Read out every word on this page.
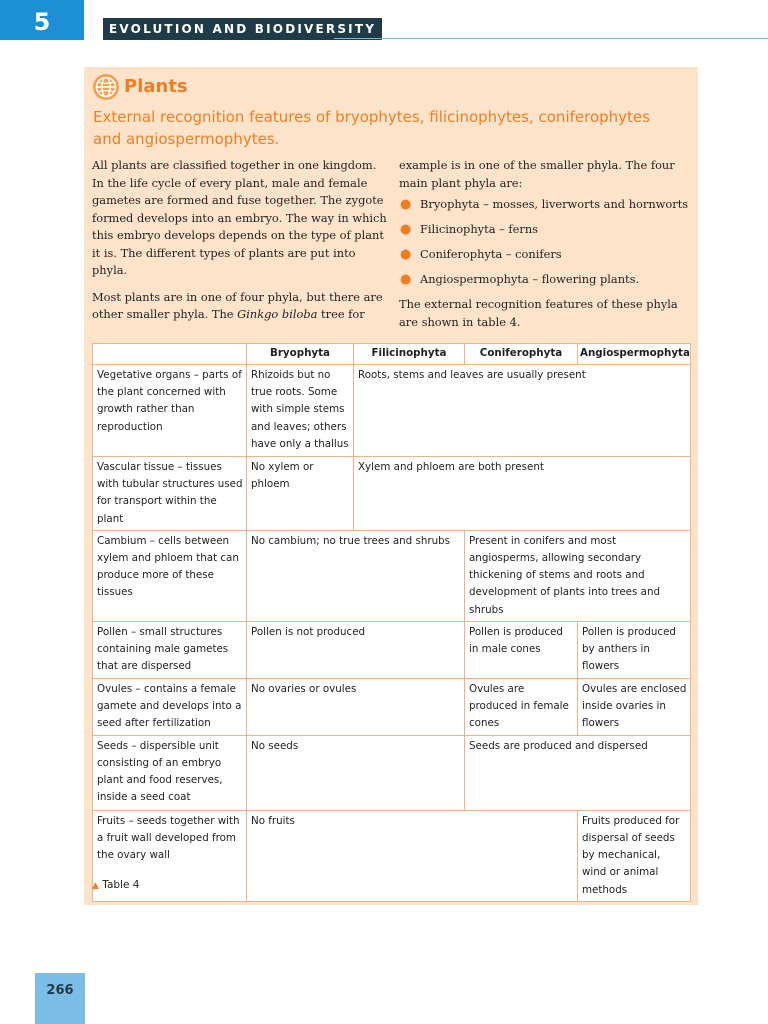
5	EVOLUTION AND BIODIVERSITY
Plants
External recognition features of bryophytes, filicinophytes, coniferophytes and angiospermophytes.

All plants are classified together in one kingdom. In the life cycle of every plant, male and female gametes are formed and fuse together. The zygote formed develops into an embryo. The way in which this embryo develops depends on the type of plant it is. The different types of plants are put into phyla.

Most plants are in one of four phyla, but there are other smaller phyla. The Ginkgo biloba tree for

example is in one of the smaller phyla. The four main plant phyla are:

● Bryophyta – mosses, liverworts and hornworts
● Filicinophyta – ferns
● Coniferophyta – conifers
● Angiospermophyta – flowering plants.

The external recognition features of these phyla are shown in table 4.

	Bryophyta	Filicinophyta	Coniferophyta	Angiospermophyta
Vegetative organs – parts of the plant concerned with growth rather than reproduction	Rhizoids but no true roots. Some with simple stems and leaves; others have only a thallus	Roots, stems and leaves are usually present		
Vascular tissue – tissues with tubular structures used for transport within the plant	No xylem or phloem	Xylem and phloem are both present		
Cambium – cells between xylem and phloem that can produce more of these tissues	No cambium; no true trees and shrubs		Present in conifers and most angiosperms, allowing secondary thickening of stems and roots and development of plants into trees and shrubs	
Pollen – small structures containing male gametes that are dispersed	Pollen is not produced		Pollen is produced in male cones	Pollen is produced by anthers in flowers
Ovules – contains a female gamete and develops into a seed after fertilization	No ovaries or ovules		Ovules are produced in female cones	Ovules are enclosed inside ovaries in flowers
Seeds – dispersible unit consisting of an embryo plant and food reserves, inside a seed coat	No seeds		Seeds are produced and dispersed	
Fruits – seeds together with a fruit wall developed from the ovary wall	No fruits			Fruits produced for dispersal of seeds by mechanical, wind or animal methods
▲ Table 4
266
